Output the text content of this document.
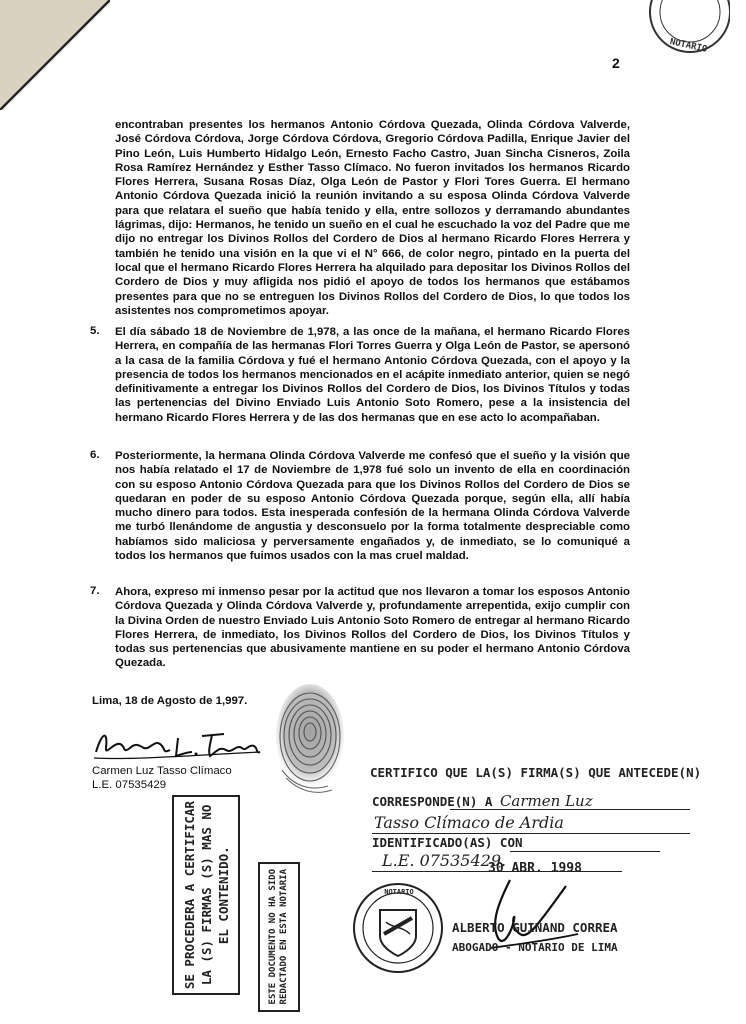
NOTARIO
2
encontraban presentes los hermanos Antonio Córdova Quezada, Olinda Córdova Valverde, José Córdova Córdova, Jorge Córdova Córdova, Gregorio Córdova Padilla, Enrique Javier del Pino León, Luis Humberto Hidalgo León, Ernesto Facho Castro, Juan Sincha Cisneros, Zoila Rosa Ramírez Hernández y Esther Tasso Clímaco. No fueron invitados los hermanos Ricardo Flores Herrera, Susana Rosas Díaz, Olga León de Pastor y Flori Tores Guerra. El hermano Antonio Córdova Quezada inició la reunión invitando a su esposa Olinda Córdova Valverde para que relatara el sueño que había tenido y ella, entre sollozos y derramando abundantes lágrimas, dijo: Hermanos, he tenido un sueño en el cual he escuchado la voz del Padre que me dijo no entregar los Divinos Rollos del Cordero de Dios al hermano Ricardo Flores Herrera y también he tenido una visión en la que vi el N° 666, de color negro, pintado en la puerta del local que el hermano Ricardo Flores Herrera ha alquilado para depositar los Divinos Rollos del Cordero de Dios y muy afligida nos pidió el apoyo de todos los hermanos que estábamos presentes para que no se entreguen los Divinos Rollos del Cordero de Dios, lo que todos los asistentes nos comprometimos apoyar.
5. El día sábado 18 de Noviembre de 1,978, a las once de la mañana, el hermano Ricardo Flores Herrera, en compañía de las hermanas Flori Torres Guerra y Olga León de Pastor, se apersonó a la casa de la familia Córdova y fué el hermano Antonio Córdova Quezada, con el apoyo y la presencia de todos los hermanos mencionados en el acápite inmediato anterior, quien se negó definitivamente a entregar los Divinos Rollos del Cordero de Dios, los Divinos Títulos y todas las pertenencias del Divino Enviado Luis Antonio Soto Romero, pese a la insistencia del hermano Ricardo Flores Herrera y de las dos hermanas que en ese acto lo acompañaban.
6. Posteriormente, la hermana Olinda Córdova Valverde me confesó que el sueño y la visión que nos había relatado el 17 de Noviembre de 1,978 fué solo un invento de ella en coordinación con su esposo Antonio Córdova Quezada para que los Divinos Rollos del Cordero de Dios se quedaran en poder de su esposo Antonio Córdova Quezada porque, según ella, allí había mucho dinero para todos. Esta inesperada confesión de la hermana Olinda Córdova Valverde me turbó llenándome de angustia y desconsuelo por la forma totalmente despreciable como habíamos sido maliciosa y perversamente engañados y, de inmediato, se lo comuniqué a todos los hermanos que fuimos usados con la mas cruel maldad.
7. Ahora, expreso mi inmenso pesar por la actitud que nos llevaron a tomar los esposos Antonio Córdova Quezada y Olinda Córdova Valverde y, profundamente arrepentida, exijo cumplir con la Divina Orden de nuestro Enviado Luis Antonio Soto Romero de entregar al hermano Ricardo Flores Herrera, de inmediato, los Divinos Rollos del Cordero de Dios, los Divinos Títulos y todas sus pertenencias que abusivamente mantiene en su poder el hermano Antonio Córdova Quezada.
Lima, 18 de Agosto de 1,997.
Carmen Luz Tasso Clímaco
L.E. 07535429
SE PROCEDERA A CERTIFICAR LA (S) FIRMAS (S) MAS NO EL CONTENIDO.	ESTE DOCUMENTO NO HA SIDO REDACTADO EN ESTA NOTARIA
CERTIFICO QUE LA(S) FIRMA(S) QUE ANTECEDE(N)
CORRESPONDE(N) A Carmen Luz
Tasso Clímaco de Ardia
IDENTIFICADO(AS) CON
L.E. 07535429.
30 ABR. 1998
NOTARIO
ALBERTO GUINAND CORREA
ABOGADO - NOTARIO DE LIMA
